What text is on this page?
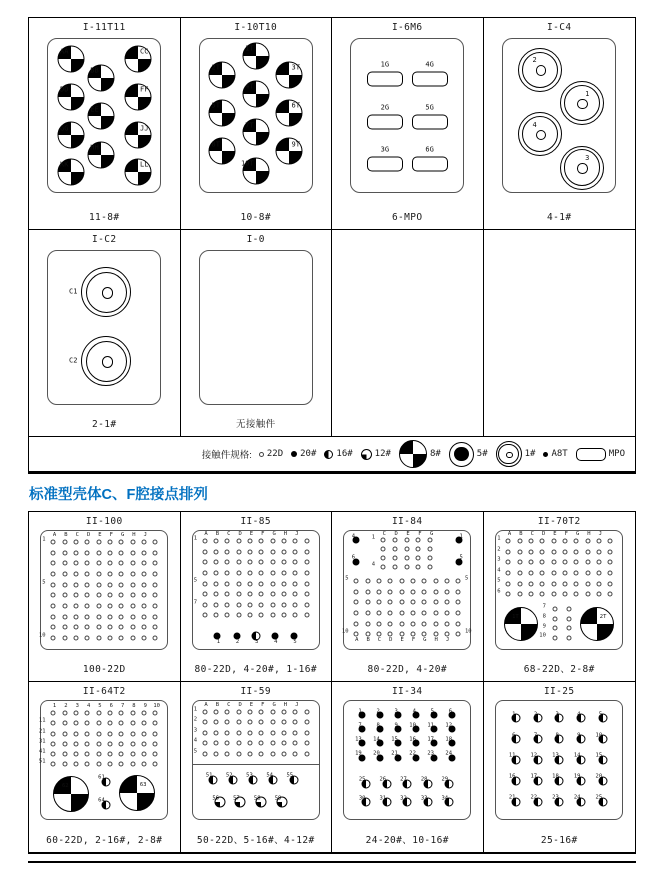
I-11T11
AA	CC
BB
DD	FF
EE
GG	JJ
HH
KK	LL
11-8#
I-10T10
1T
2T	3T
4T
5T	6T
7T
8T	9T
10T
10-8#
I-6M6
1G	4G
2G	5G
3G	6G
6-MPO
I-C4
2
1
4
3
4-1#
I-C2
C1
C2
2-1#
I-0
无接触件
接触件规格: 22D 20# 16# 12#	8#	5#	1# A8T	MPO
标准型壳体C、F腔接点排列
II-100
A B C D E F G H J
1
5
10
100-22D
II-85
A B C D E F G H J
1
5
7
1	2	3	4	5
80-22D, 4-20#, 1-16#
II-84
4	1
6	5
C D E F G
1
4
5
10
5
10
A B C D E F G H J
80-22D, 4-20#
II-70T2
1T	2T
A B C D E F G H J
1
2
3
4
5
6
7
8
9
10
68-22D、2-8#
II-64T2
62	63
61
64
1 2 3 4 5 6 7 8 9 10
11
21
31
41
51
60-22D, 2-16#, 2-8#
II-59
A B C D E F G H J
1
2
3
4
5
51 52 53 54 55
56	57	58	59
50-22D、5-16#、4-12#
II-34
1	2	3	4	5	6
7	8	9 10 11 12
13 14 15 16 17 18
19 20 21 22 23 24
25	26	27	28	29
30	31	32	33	34
24-20#、10-16#
II-25
1	2	3	4	5
6	7	8	9	10
11	12	13	14	15
16	17	18	19	20
21	22	23	24	25
25-16#
